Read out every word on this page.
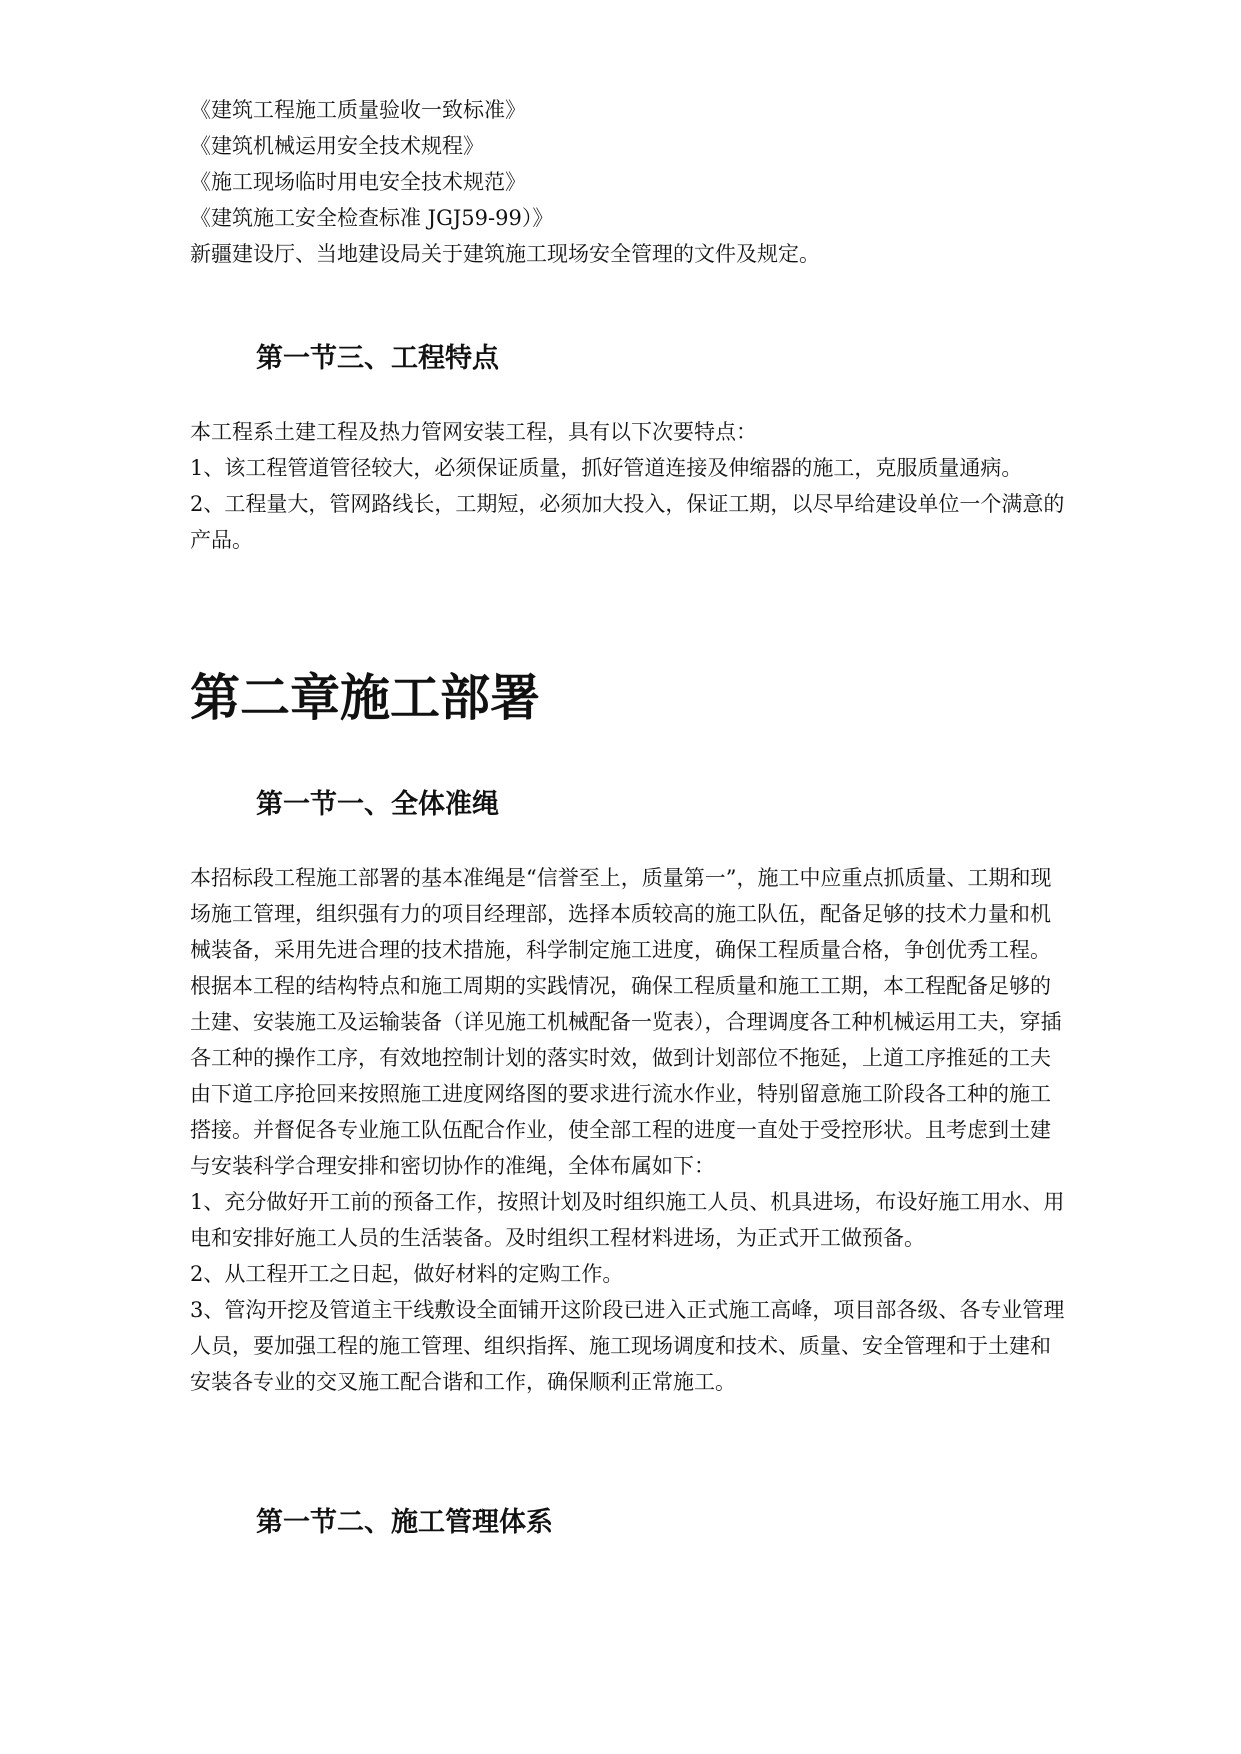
《建筑工程施工质量验收一致标准》
《建筑机械运用安全技术规程》
《施工现场临时用电安全技术规范》
《建筑施工安全检查标准 JGJ59-99）》
新疆建设厅、当地建设局关于建筑施工现场安全管理的文件及规定。
第一节三、工程特点
本工程系土建工程及热力管网安装工程，具有以下次要特点：
1、该工程管道管径较大，必须保证质量，抓好管道连接及伸缩器的施工，克服质量通病。
2、工程量大，管网路线长，工期短，必须加大投入，保证工期，以尽早给建设单位一个满意的产品。
第二章施工部署
第一节一、全体准绳
本招标段工程施工部署的基本准绳是“信誉至上，质量第一”，施工中应重点抓质量、工期和现场施工管理，组织强有力的项目经理部，选择本质较高的施工队伍，配备足够的技术力量和机械装备，采用先进合理的技术措施，科学制定施工进度，确保工程质量合格，争创优秀工程。
根据本工程的结构特点和施工周期的实践情况，确保工程质量和施工工期，本工程配备足够的土建、安装施工及运输装备（详见施工机械配备一览表），合理调度各工种机械运用工夫，穿插各工种的操作工序，有效地控制计划的落实时效，做到计划部位不拖延，上道工序推延的工夫由下道工序抢回来按照施工进度网络图的要求进行流水作业，特别留意施工阶段各工种的施工搭接。并督促各专业施工队伍配合作业，使全部工程的进度一直处于受控形状。且考虑到土建与安装科学合理安排和密切协作的准绳，全体布属如下：
1、充分做好开工前的预备工作，按照计划及时组织施工人员、机具进场，布设好施工用水、用电和安排好施工人员的生活装备。及时组织工程材料进场，为正式开工做预备。
2、从工程开工之日起，做好材料的定购工作。
3、管沟开挖及管道主干线敷设全面铺开这阶段已进入正式施工高峰，项目部各级、各专业管理人员，要加强工程的施工管理、组织指挥、施工现场调度和技术、质量、安全管理和于土建和安装各专业的交叉施工配合谐和工作，确保顺利正常施工。
第一节二、施工管理体系
